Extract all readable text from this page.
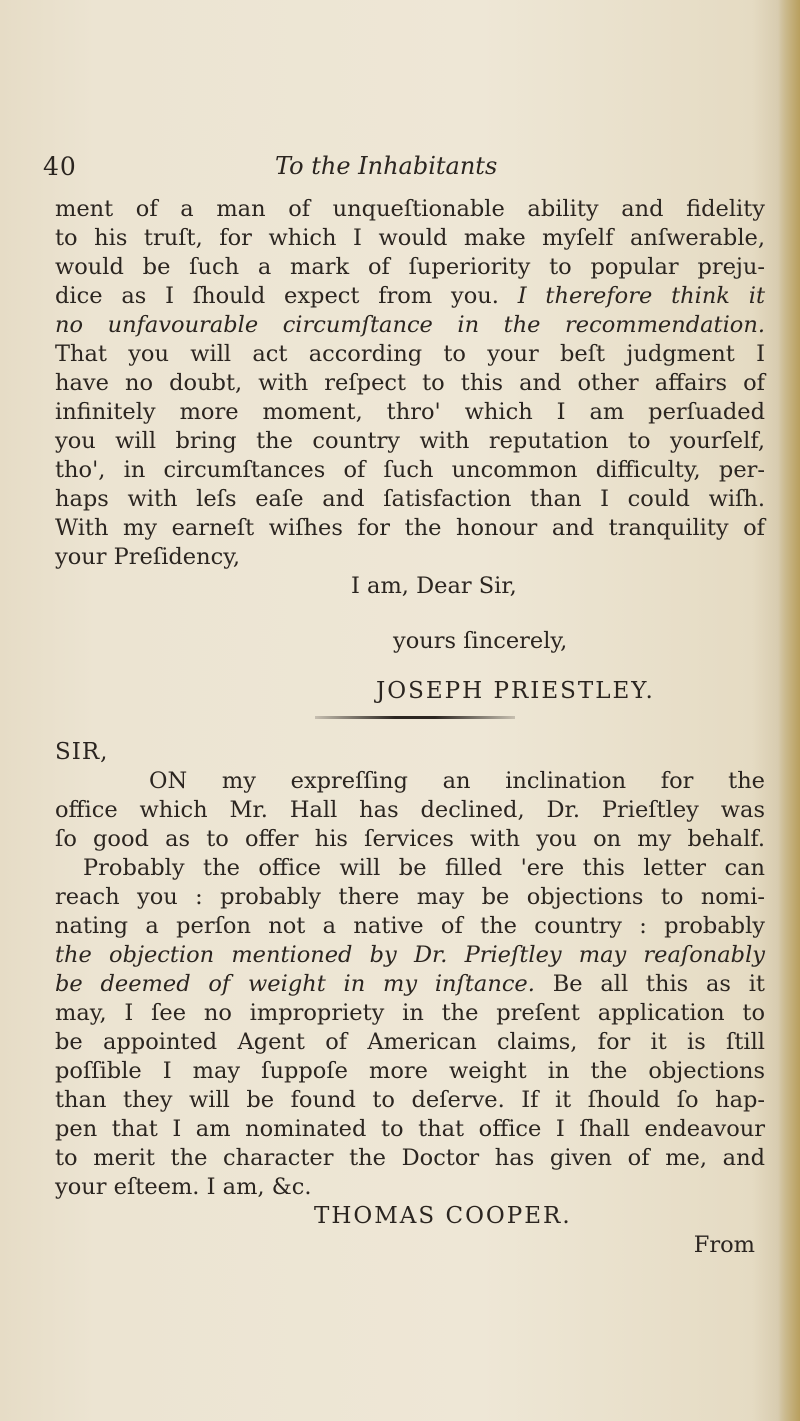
40	To the Inhabitants
ment of a man of unqueſtionable ability and fidelity
to his truſt, for which I would make myſelf anſwerable,
would be ſuch a mark of ſuperiority to popular preju-
dice as I ſhould expect from you. I therefore think it
no unfavourable circumſtance in the recommendation.
That you will act according to your beſt judgment I
have no doubt, with reſpect to this and other affairs of
infinitely more moment, thro' which I am perſuaded
you will bring the country with reputation to yourſelf,
tho', in circumſtances of ſuch uncommon difficulty, per-
haps with leſs eaſe and ſatisfaction than I could wiſh.
With my earneſt wiſhes for the honour and tranquility of
your Preſidency,
I am, Dear Sir,
yours ſincerely,
JOSEPH PRIESTLEY.
SIR,
ON my expreſſing an inclination for the
office which Mr. Hall has declined, Dr. Prieſtley was
ſo good as to offer his ſervices with you on my behalf.
Probably the office will be filled 'ere this letter can
reach you : probably there may be objections to nomi-
nating a perſon not a native of the country : probably
the objection mentioned by Dr. Prieſtley may reaſonably
be deemed of weight in my inſtance. Be all this as it
may, I ſee no impropriety in the preſent application to
be appointed Agent of American claims, for it is ſtill
poſſible I may ſuppoſe more weight in the objections
than they will be found to deſerve. If it ſhould ſo hap-
pen that I am nominated to that office I ſhall endeavour
to merit the character the Doctor has given of me, and
your eſteem. I am, &c.
THOMAS COOPER.
From
